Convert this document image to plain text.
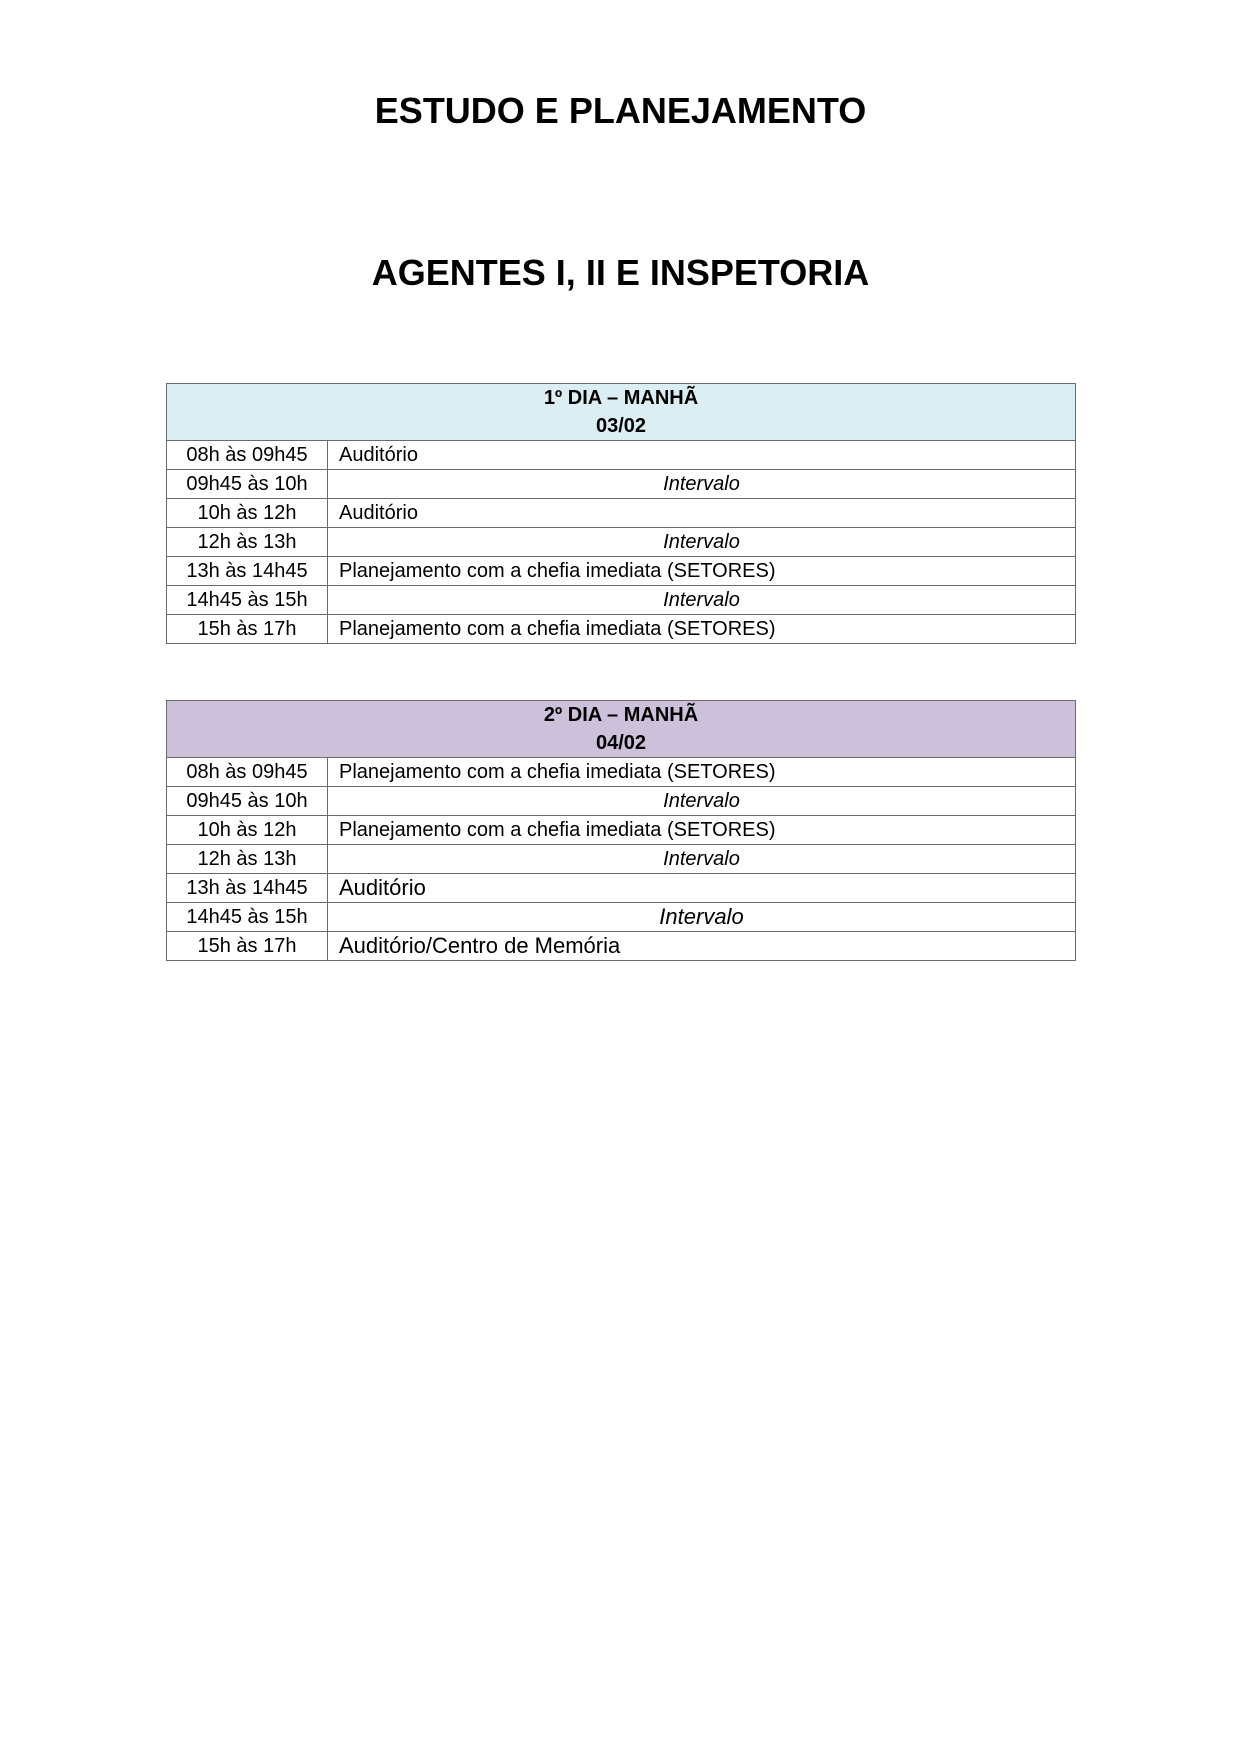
ESTUDO E PLANEJAMENTO
AGENTES I, II E INSPETORIA
1º DIA – MANHÃ
03/02	

08h às 09h45	Auditório
09h45 às 10h	Intervalo
10h às 12h	Auditório
12h às 13h	Intervalo
13h às 14h45	Planejamento com a chefia imediata (SETORES)
14h45 às 15h	Intervalo
15h às 17h	Planejamento com a chefia imediata (SETORES)
2º DIA – MANHÃ
04/02	

08h às 09h45	Planejamento com a chefia imediata (SETORES)
09h45 às 10h	Intervalo
10h às 12h	Planejamento com a chefia imediata (SETORES)
12h às 13h	Intervalo
13h às 14h45	Auditório
14h45 às 15h	Intervalo
15h às 17h	Auditório/Centro de Memória
